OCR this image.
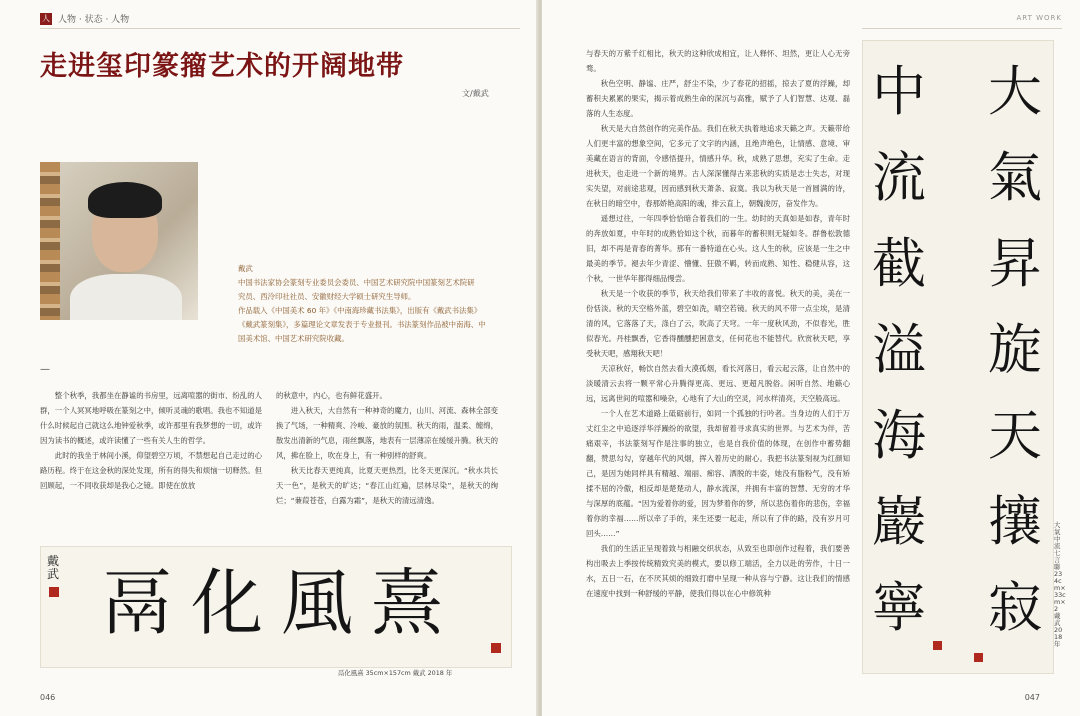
人 人物 · 状态 · 人物
走进玺印篆籀艺术的开阔地带
文/戴武
戴武
中国书法家协会篆刻专业委员会委员、中国艺术研究院中国篆刻艺术院研
究员、西泠印社社员、安徽财经大学硕士研究生导师。
作品载入《中国美术 60 年》《中南海珍藏书法集》，出版有《戴武书法集》
《戴武篆刻集》，多篇理论文章发表于专业报刊。书法篆刻作品被中南海、中
国美术馆、中国艺术研究院收藏。
—

整个秋季，我都坐在静谧的书房里，远离喧嚣的街市、纷乱的人群，一个人冥冥地呼吸在篆刻之中，倾听灵魂的歌唱。我也不知道是什么时候起自己就这么地钟爱秋季，或许那里有我梦想的一切，或许因为读书的概述，或许读懂了一些有关人生的哲学。

此时的我坐于林间小溪，仰望碧空万顷，不禁想起自己走过的心路历程。终于在这金秋的深处发现，所有的得失和烦恼一切释然。但回顾起，一不同收获却是我心之镜。即使在放放

的秋意中，内心，也有鲜花盛开。

进入秋天，大自然有一种神奇的魔力，山川、河流、森林全部变换了气场，一种精爽、冷峻、豪放的氛围。秋天的雨，温柔、缠绵，散发出清新的气息，雨丝飘落，地表有一层薄凉在缓缓升腾。秋天的风，拂在脸上，吹在身上，有一种别样的舒爽。

秋天比春天更纯真，比夏天更热烈，比冬天更深沉。“秋水共长天一色”，是秋天的旷达；“春江山红遍，层林尽染”，是秋天的绚烂；“蒹葭苍苍，白露为霜”，是秋天的清远清逸。

戴武 鬲化風熹
鬲化風熹 35cm×157cm 戴武 2018 年
046
ART WORK

与春天的万紫千红相比，秋天的这种欣成相宜，让人释怀、坦然，更让人心无旁骛。

秋色空明、静谧、庄严，舒尘不染，少了春花的招摇，掠去了夏的浮躁，却蓄积夫累累的果实，揭示着成熟生命的深沉与高雅，赋予了人们智慧、达观、磊落的人生态度。

秋天是大自然创作的完美作品。我们在秋天执着地追求天籁之声。天籁带给人们更丰富的想象空间，它多元了文字的内涵，且绝声绝色，让情感、意境、审美藏在语言的背面，令感悟提升，情感升华。秋，成熟了思想，充实了生命。走进秋天，也走进一个新的境界。古人深深懂得古来悲秋的实质是志士失志，对现实失望，对前途悲观，因而感到秋天萧条、寂寞。我以为秋天是一首圆满的诗，在秋日的暗空中，春那娇艳高阳的魂，排云直上，朝魏浚厉，奋发作为。

遥想过往，一年四季恰恰暗合着我们的一生。幼时的天真如是如春，青年时的奔放如夏，中年时的成熟恰如这个秋，而暮年的蓄积则无疑如冬。群鲁松敦德旧，却不再是青春的菁华。那有一番特道在心头。这人生的秋，应该是一生之中最美的季节。褪去年少青涩、懵懂、狂傲不羁，转而成熟、知性、稳健从容，这个秋，一世华年都得细品慢尝。

秋天是一个收获的季节，秋天给我们带来了丰收的喜悦。秋天的美，美在一份恬淡。秋的天空格外蓝，碧空如洗，晴空若镜。秋天的风不带一点尘埃，是清清的风，它落落了天，涤白了云，吹高了天穹。一年一度秋风劲，不似春光，胜似春光。丹桂飘香，它香得醺醺把困意支，任何花也不能替代。欣赏秋天吧，享受秋天吧，感翔秋天吧！

天凉秋好，畅饮自然去看大漠孤烟，看长河落日，看云起云落，让自然中的淡暖清云去将一颗平常心升腾得更高、更远、更超凡脱俗。闲听自然、地籁心远，远离世间的喧嚣和噪杂，心地有了大山的空灵，河水样清亮，天空般高远。

一个人在艺术道路上砥砺前行，如同一个孤独的行吟者。当身边的人们于万丈红尘之中追逐浮华浮躁纷的欲望，我却留着寻求真实的世界。与艺术为伴，苦痛艰辛，书法篆刻写作是注事的独立，也是自我价值的体现，在创作中蓄势翻翻，赞思勾勾，穿越年代的风烟，挥入着历史的耐心。我把书法篆刻视为红颜知己，是因为她同样具有精越、端丽、痴容、洒脱的丰姿，她没有脂粉气，没有矫揉不屈的冷傲，相反却是楚楚动人，静水流深，并拥有丰富的智慧、无穷的才华与深厚的底蕴。“因为爱着你的爱，因为梦着你的梦，所以悲伤着你的悲伤，幸福着你的幸福……所以牵了手的，来生还要一起走，所以有了伴的路，没有岁月可回头……”

我们的生活正呈现着致与相融交织状态，从致至也即创作过程着，我们要善构出吸去上季按传统精致究美的模式，要以修工端活，全力以赴的劳作，十日一水，五日一石，在不厌其烦的细致打磨中呈现一种从容与宁静。这让我们的情感在速度中找到一种舒缓的平静，使我们得以在心中修筑种

大氣昇旋天攘寂
中流截溢海巖寧
大氣中流七言聯 234cm×33cm×2 戴武 2018 年
047
